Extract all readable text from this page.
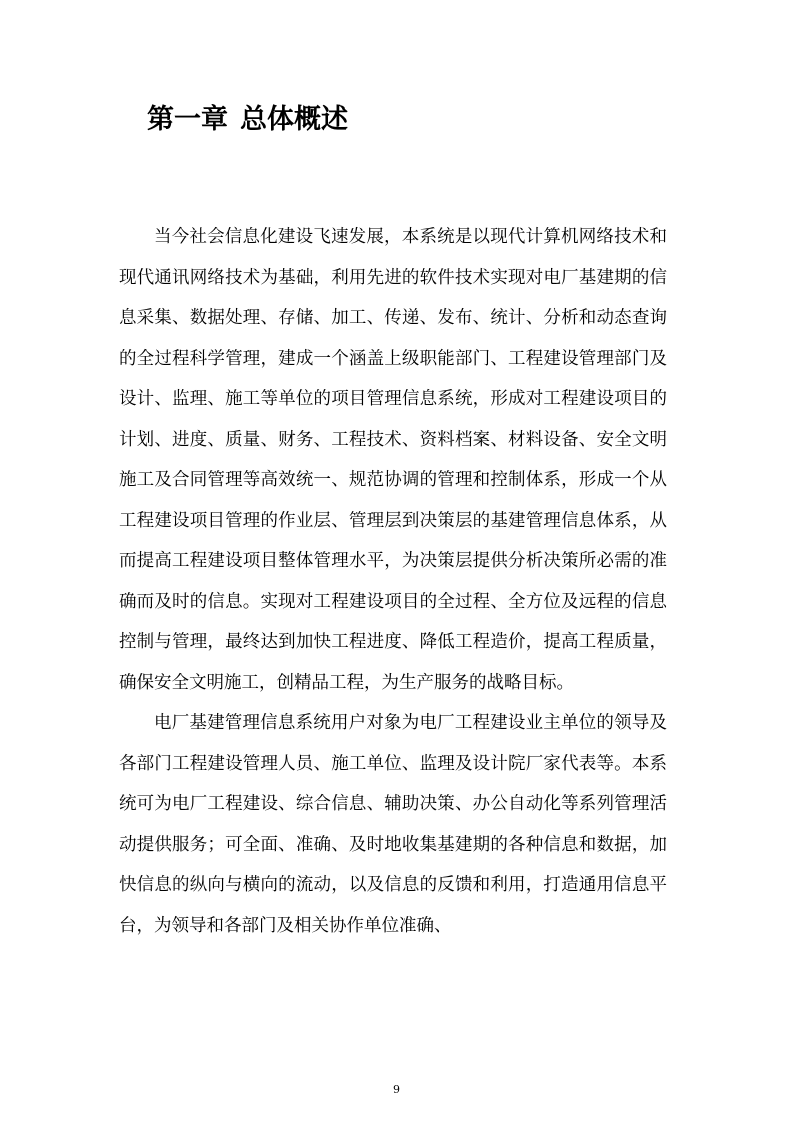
第一章 总体概述

当今社会信息化建设飞速发展，本系统是以现代计算机网络技术和现代通讯网络技术为基础，利用先进的软件技术实现对电厂基建期的信息采集、数据处理、存储、加工、传递、发布、统计、分析和动态查询的全过程科学管理，建成一个涵盖上级职能部门、工程建设管理部门及设计、监理、施工等单位的项目管理信息系统，形成对工程建设项目的计划、进度、质量、财务、工程技术、资料档案、材料设备、安全文明施工及合同管理等高效统一、规范协调的管理和控制体系，形成一个从工程建设项目管理的作业层、管理层到决策层的基建管理信息体系，从而提高工程建设项目整体管理水平，为决策层提供分析决策所必需的准确而及时的信息。实现对工程建设项目的全过程、全方位及远程的信息控制与管理，最终达到加快工程进度、降低工程造价，提高工程质量，确保安全文明施工，创精品工程，为生产服务的战略目标。

电厂基建管理信息系统用户对象为电厂工程建设业主单位的领导及各部门工程建设管理人员、施工单位、监理及设计院厂家代表等。本系统可为电厂工程建设、综合信息、辅助决策、办公自动化等系列管理活动提供服务；可全面、准确、及时地收集基建期的各种信息和数据，加快信息的纵向与横向的流动，以及信息的反馈和利用，打造通用信息平台，为领导和各部门及相关协作单位准确、

9
